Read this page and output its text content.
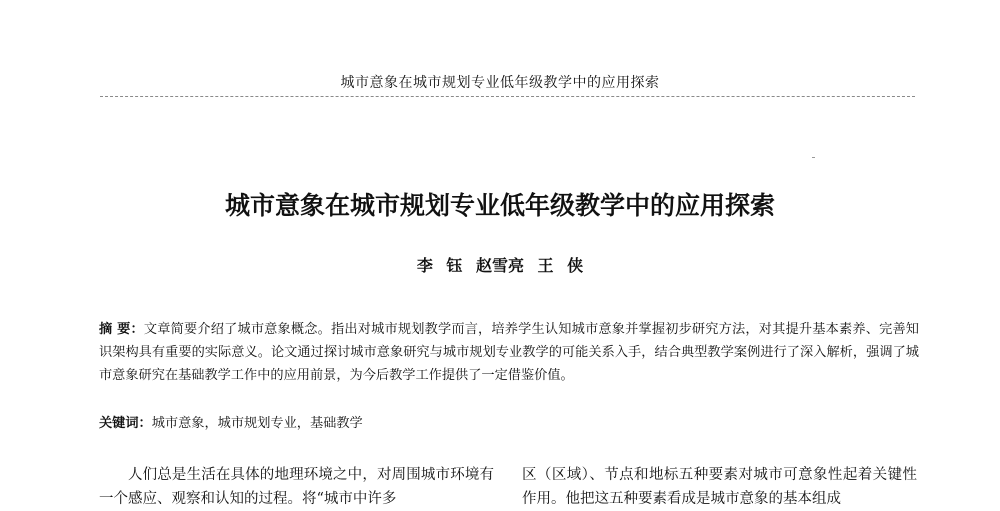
城市意象在城市规划专业低年级教学中的应用探索
城市意象在城市规划专业低年级教学中的应用探索
李 钰 赵雪亮 王 侠
摘 要：文章简要介绍了城市意象概念。指出对城市规划教学而言，培养学生认知城市意象并掌握初步研究方法，对其提升基本素养、完善知识架构具有重要的实际意义。论文通过探讨城市意象研究与城市规划专业教学的可能关系入手，结合典型教学案例进行了深入解析，强调了城市意象研究在基础教学工作中的应用前景，为今后教学工作提供了一定借鉴价值。
关键词：城市意象，城市规划专业，基础教学
人们总是生活在具体的地理环境之中，对周围城市环境有一个感应、观察和认知的过程。将“城市中许多
区（区域）、节点和地标五种要素对城市可意象性起着关键性作用。他把这五种要素看成是城市意象的基本组成
